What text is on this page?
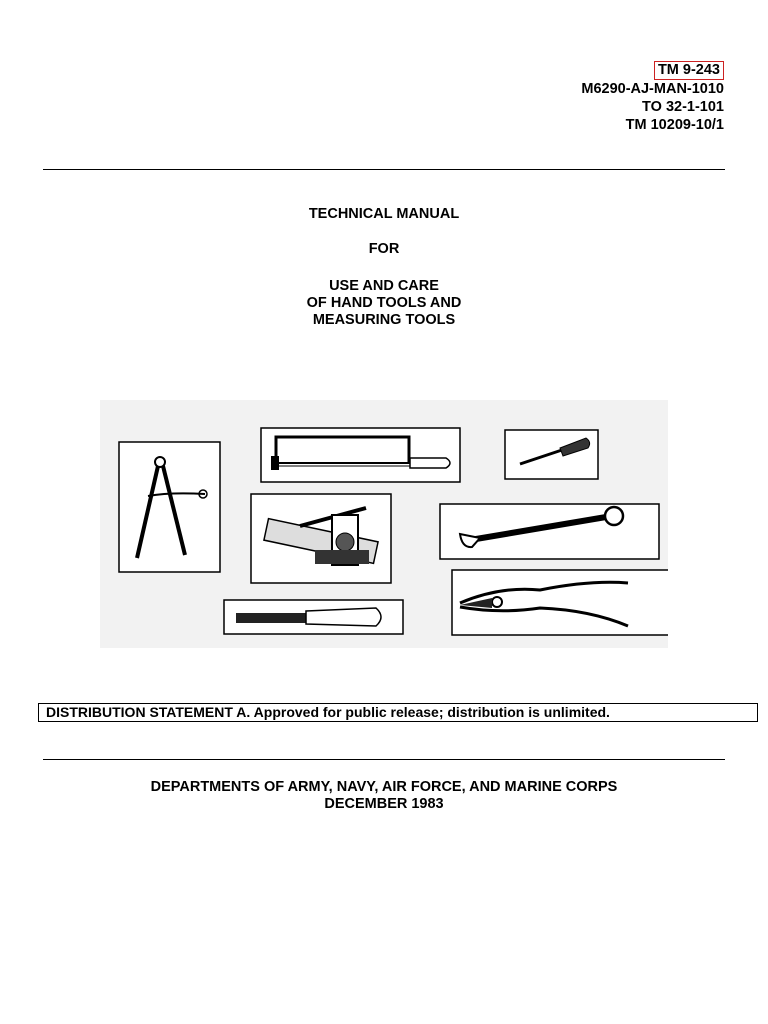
TM 9-243
M6290-AJ-MAN-1010
TO 32-1-101
TM 10209-10/1
TECHNICAL MANUAL
FOR
USE AND CARE
OF HAND TOOLS AND
MEASURING TOOLS
DISTRIBUTION STATEMENT A. Approved for public release; distribution is unlimited.
DEPARTMENTS OF ARMY, NAVY, AIR FORCE, AND MARINE CORPS
DECEMBER 1983
